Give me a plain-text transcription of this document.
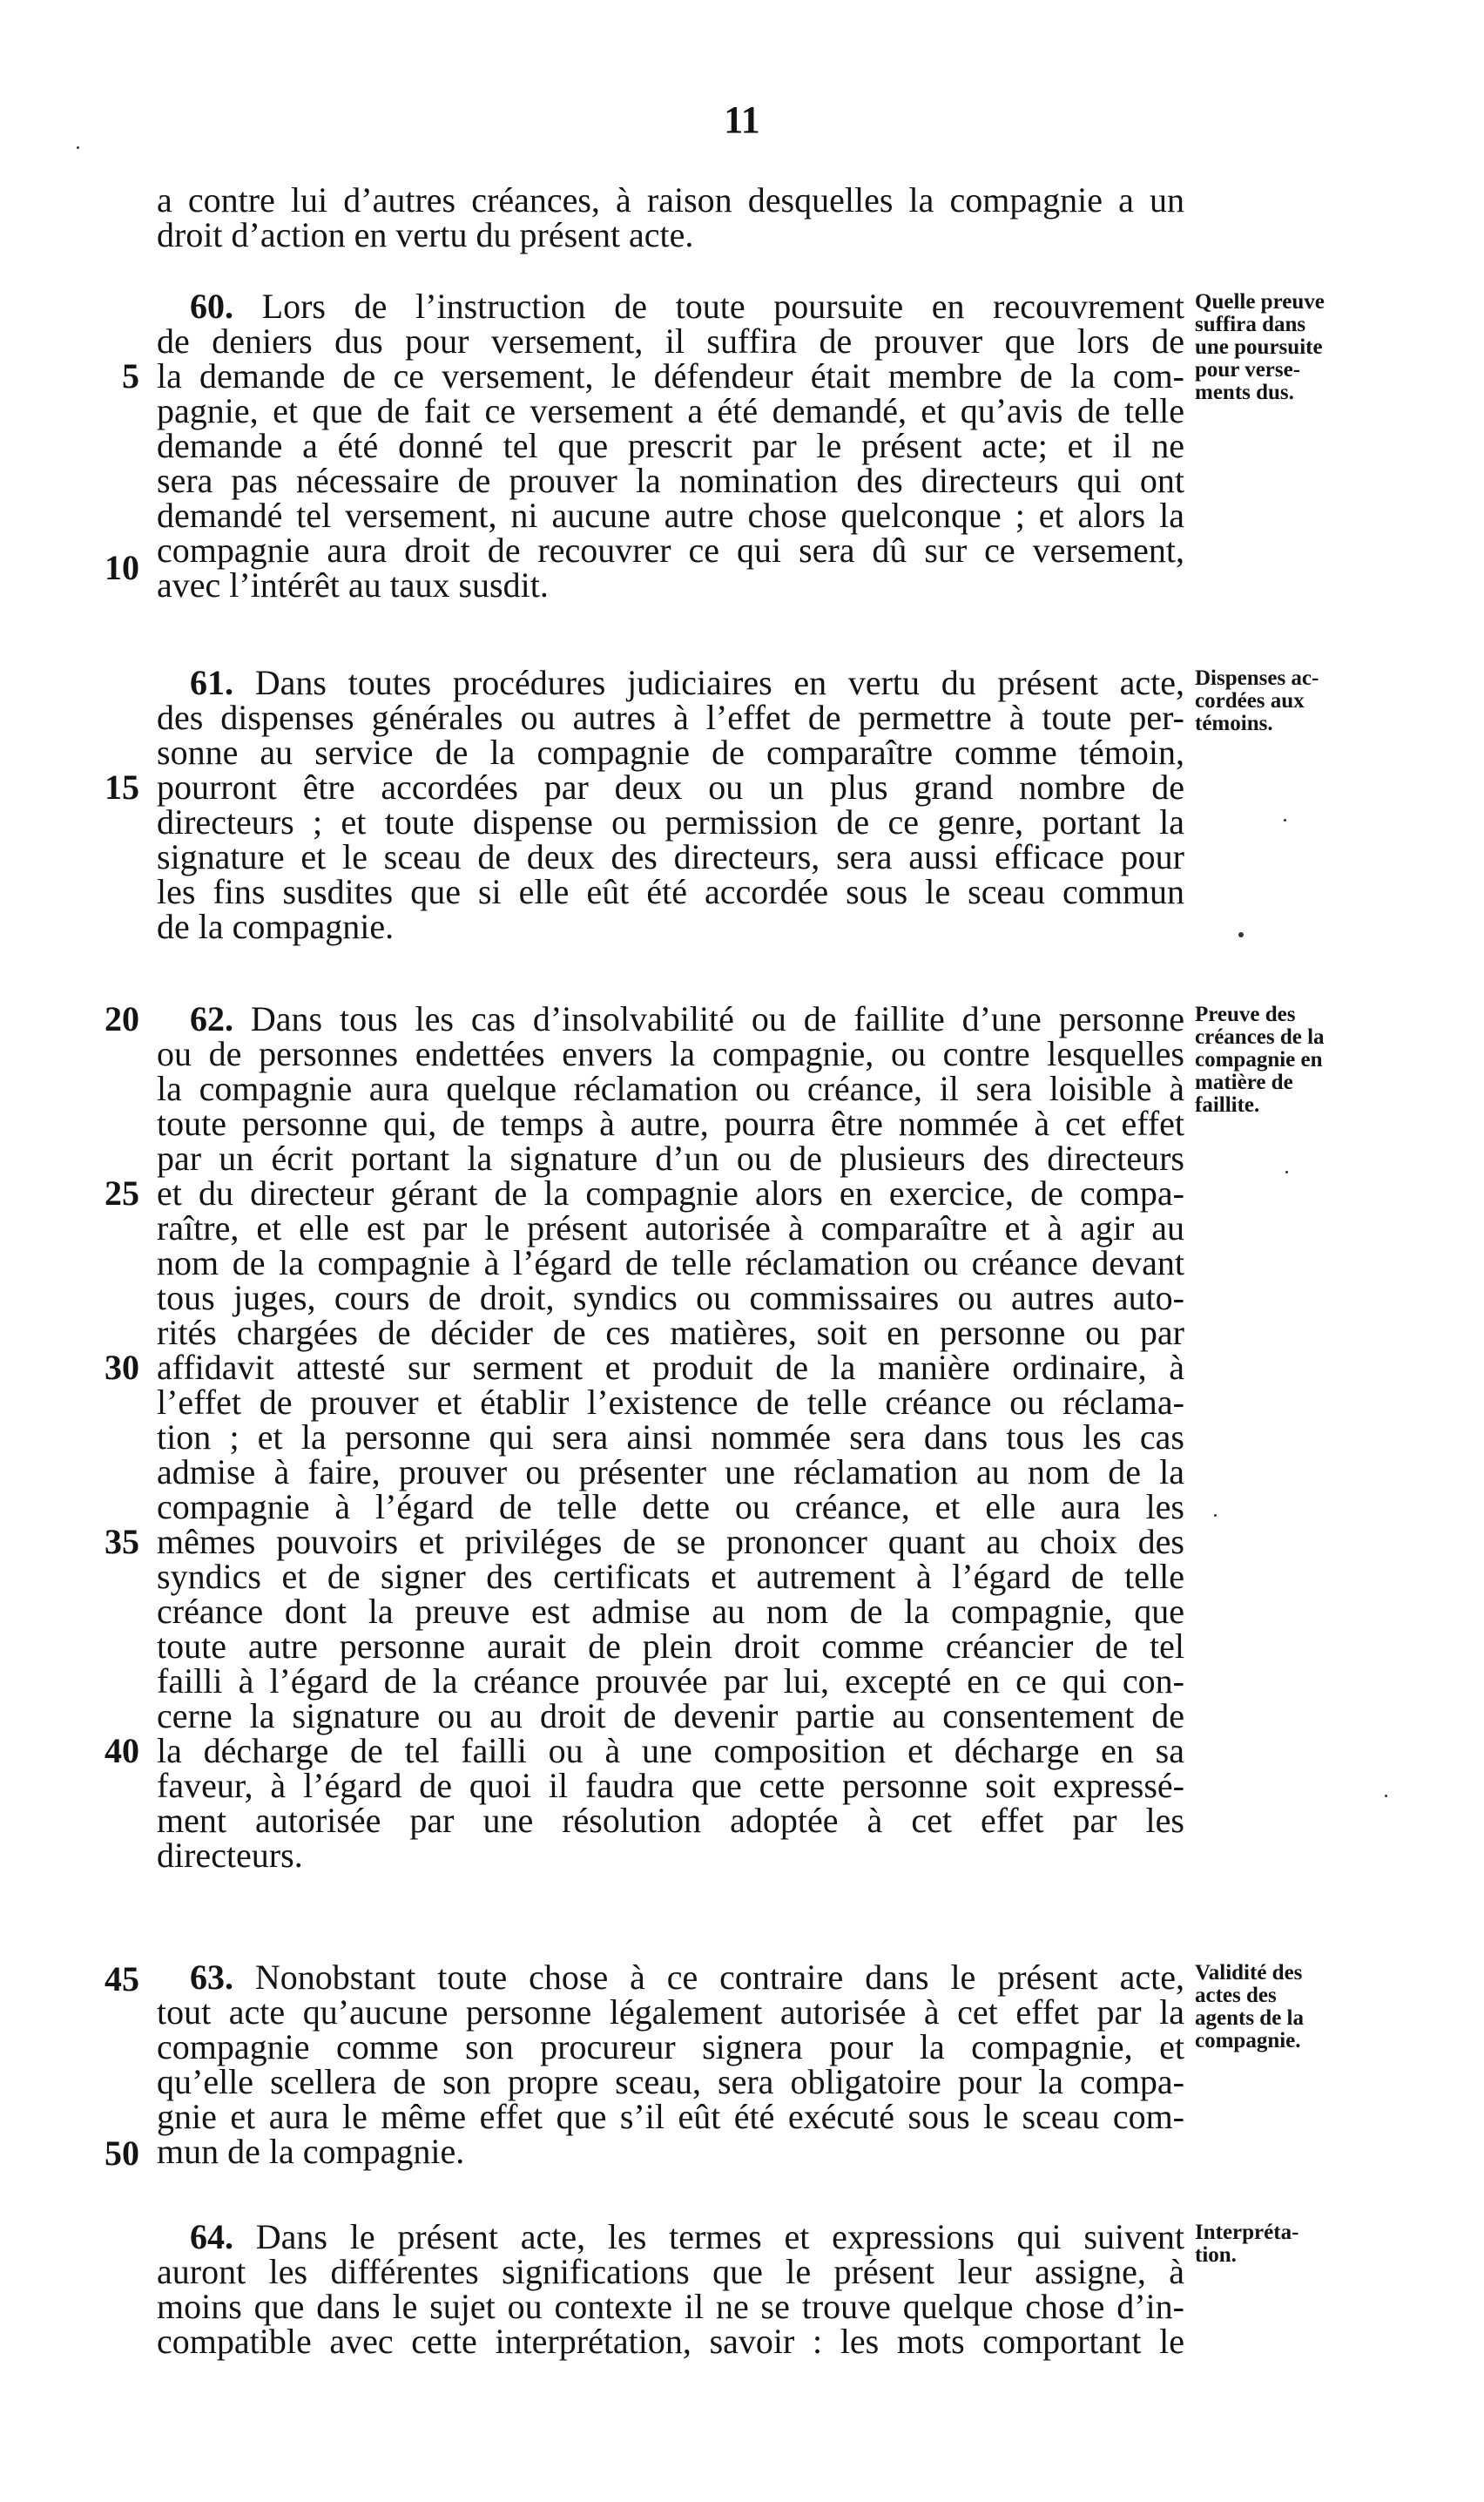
11
a contre lui d’autres créances, à raison desquelles la compagnie a un
droit d’action en vertu du présent acte.
60. Lors de l’instruction de toute poursuite en recouvrement
de deniers dus pour versement, il suffira de prouver que lors de
la demande de ce versement, le défendeur était membre de la com-
pagnie, et que de fait ce versement a été demandé, et qu’avis de telle
demande a été donné tel que prescrit par le présent acte; et il ne
sera pas nécessaire de prouver la nomination des directeurs qui ont
demandé tel versement, ni aucune autre chose quelconque ; et alors la
compagnie aura droit de recouvrer ce qui sera dû sur ce versement,
avec l’intérêt au taux susdit.
Quelle preuve
suffira dans
une poursuite
pour verse-
ments dus.
61. Dans toutes procédures judiciaires en vertu du présent acte,
des dispenses générales ou autres à l’effet de permettre à toute per-
sonne au service de la compagnie de comparaître comme témoin,
pourront être accordées par deux ou un plus grand nombre de
directeurs ; et toute dispense ou permission de ce genre, portant la
signature et le sceau de deux des directeurs, sera aussi efficace pour
les fins susdites que si elle eût été accordée sous le sceau commun
de la compagnie.
Dispenses ac-
cordées aux
témoins.
62. Dans tous les cas d’insolvabilité ou de faillite d’une personne
ou de personnes endettées envers la compagnie, ou contre lesquelles
la compagnie aura quelque réclamation ou créance, il sera loisible à
toute personne qui, de temps à autre, pourra être nommée à cet effet
par un écrit portant la signature d’un ou de plusieurs des directeurs
et du directeur gérant de la compagnie alors en exercice, de compa-
raître, et elle est par le présent autorisée à comparaître et à agir au
nom de la compagnie à l’égard de telle réclamation ou créance devant
tous juges, cours de droit, syndics ou commissaires ou autres auto-
rités chargées de décider de ces matières, soit en personne ou par
affidavit attesté sur serment et produit de la manière ordinaire, à
l’effet de prouver et établir l’existence de telle créance ou réclama-
tion ; et la personne qui sera ainsi nommée sera dans tous les cas
admise à faire, prouver ou présenter une réclamation au nom de la
compagnie à l’égard de telle dette ou créance, et elle aura les
mêmes pouvoirs et priviléges de se prononcer quant au choix des
syndics et de signer des certificats et autrement à l’égard de telle
créance dont la preuve est admise au nom de la compagnie, que
toute autre personne aurait de plein droit comme créancier de tel
failli à l’égard de la créance prouvée par lui, excepté en ce qui con-
cerne la signature ou au droit de devenir partie au consentement de
la décharge de tel failli ou à une composition et décharge en sa
faveur, à l’égard de quoi il faudra que cette personne soit expressé-
ment autorisée par une résolution adoptée à cet effet par les
directeurs.
Preuve des
créances de la
compagnie en
matière de
faillite.
63. Nonobstant toute chose à ce contraire dans le présent acte,
tout acte qu’aucune personne légalement autorisée à cet effet par la
compagnie comme son procureur signera pour la compagnie, et
qu’elle scellera de son propre sceau, sera obligatoire pour la compa-
gnie et aura le même effet que s’il eût été exécuté sous le sceau com-
mun de la compagnie.
Validité des
actes des
agents de la
compagnie.
64. Dans le présent acte, les termes et expressions qui suivent
auront les différentes significations que le présent leur assigne, à
moins que dans le sujet ou contexte il ne se trouve quelque chose d’in-
compatible avec cette interprétation, savoir : les mots comportant le
Interpréta-
tion.
5
10
15
20
25
30
35
40
45
50
